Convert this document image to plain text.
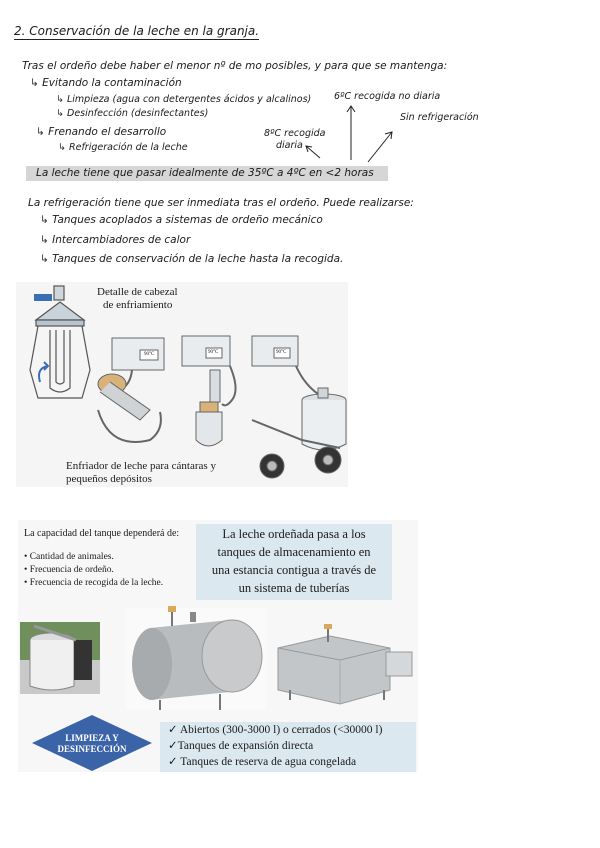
2. Conservación de la leche en la granja.
Tras el ordeño debe haber el menor nº de mo posibles, y para que se mantenga:
↳ Evitando la contaminación
↳ Limpieza (agua con detergentes ácidos y alcalinos)
↳ Desinfección (desinfectantes)
↳ Frenando el desarrollo
↳ Refrigeración de la leche
6ºC recogida no diaria
Sin refrigeración
8ºC recogida
diaria
La leche tiene que pasar idealmente de 35ºC a 4ºC en <2 horas
La refrigeración tiene que ser inmediata tras el ordeño. Puede realizarse:
↳ Tanques acoplados a sistemas de ordeño mecánico
↳ Intercambiadores de calor
↳ Tanques de conservación de la leche hasta la recogida.
Detalle de cabezal
de enfriamiento
Enfriador de leche para cántaras y
pequeños depósitos
90°C	90°C	90°C
La capacidad del tanque dependerá de:
• Cantidad de animales.
• Frecuencia de ordeño.
• Frecuencia de recogida de la leche.
La leche ordeñada pasa a los
tanques de almacenamiento en
una estancia contigua a través de
un sistema de tuberías
LIMPIEZA Y
DESINFECCIÓN
✓ Abiertos (300-3000 l) o cerrados (<30000 l)
✓Tanques de expansión directa
✓ Tanques de reserva de agua congelada
